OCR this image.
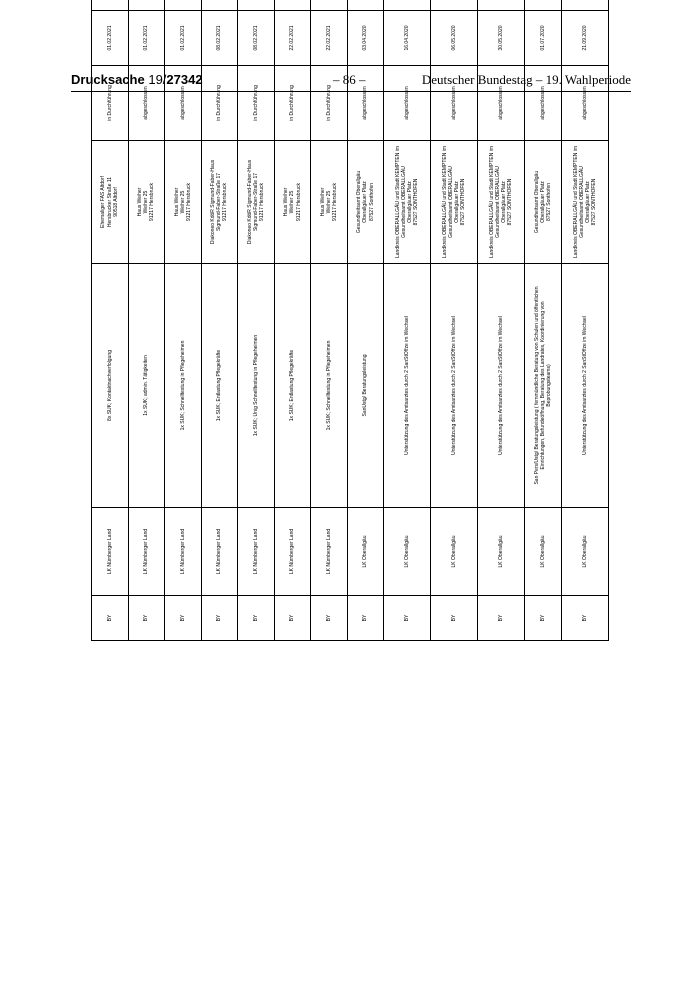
Drucksache 19/27342	– 86 –	Deutscher Bundestag – 19. Wahlperiode
BY	LK Nürnberger Land	8x SUK; Kontaktnachverfolgung	Ehemaliger FAS Altdorf
Hersbrucker Straße 11
90518 Altdorf	in Durchführung	01.02.2021			
BY	LK Nürnberger Land	1x SUK; admin. Tätigkeiten	Haus Weiher
Weiher 25
91217 Hersbruck	abgeschlossen	01.02.2021			
BY	LK Nürnberger Land	1x SUK; Schnelltestung in Pflegeheimen	Haus Weiher
Weiher 25
91217 Hersbruck	abgeschlossen	01.02.2021			
BY	LK Nürnberger Land	1x SUK; Entlastung Pflegekräfte	Diakoneo KdöR Sigmund-Faber-Haus
Sigmund-Faber-Straße 17
91217 Hersbruck	in Durchführung	08.02.2021			
BY	LK Nürnberger Land	1x SUK; Unig Schnelltestung in Pflegeheimen	Diakoneo KdöR Sigmund-Faber-Haus
Sigmund-Faber-Straße 17
91217 Hersbruck	in Durchführung	08.02.2021			
BY	LK Nürnberger Land	1x SUK; Entlastung Pflegekräfte	Haus Weiher
Weiher 25
91217 Hersbruck	in Durchführung	22.02.2021			
BY	LK Nürnberger Land	1x SUK; Schnelltestung in Pflegeheimen	Haus Weiher
Weiher 25
91217 Hersbruck	in Durchführung	22.02.2021			
BY	LK Oberallgäu	SanUstg/ Beratungsleistung	Gesundheitsamt Oberallgäu
Oberallgäuer Platz
87527 Sonthofen	abgeschlossen	03.04.2020			
BY	LK Oberallgäu	Unterstützung des Amtsarztes durch 2 SanStOffze im Wechsel	Landkreis OBERALLGÄU und Stadt KEMPTEN im
Gesundheitsamt OBERALLGÄU
Oberallgäuer Platz
87527 SONTHOFEN	abgeschlossen	16.04.2020			
BY	LK Oberallgäu	Unterstützung des Amtsarztes durch 2 SanStOffze im Wechsel	Landkreis OBERALLGÄU und Stadt KEMPTEN im
Gesundheitsamt OBERALLGÄU
Oberallgäuer Platz
87527 SONTHOFEN	abgeschlossen	06.05.2020			
BY	LK Oberallgäu	Unterstützung des Amtsarztes durch 2 SanStOffze im Wechsel	Landkreis OBERALLGÄU und Stadt KEMPTEN im
Gesundheitsamt OBERALLGÄU
Oberallgäuer Platz
87527 SONTHOFEN	abgeschlossen	30.05.2020			
BY	LK Oberallgäu	San Pers/Ustg/ Beratungsleistung ( fernmündliche Beratung von Schulen und öffentlichen
Einrichtungen, Befundeöffnung, Beratung des Landrates, Koordinierung von
Beprobungsteams)	Gesundheitsamt Oberallgäu
Oberallgäuer Platz
87527 Sonthofen	abgeschlossen	01.07.2020			
BY	LK Oberallgäu	Unterstützung des Amtsarztes durch 2 SanStOffze im Wechsel	Landkreis OBERALLGÄU und Stadt KEMPTEN im
Gesundheitsamt OBERALLGÄU
Oberallgäuer Platz
87527 SONTHOFEN	abgeschlossen	21.09.2020			
